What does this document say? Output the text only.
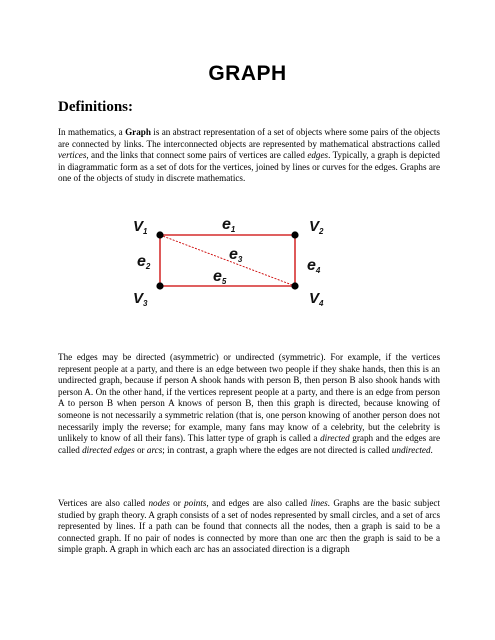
GRAPH
Definitions:

In mathematics, a Graph is an abstract representation of a set of objects where some pairs of the objects are connected by links. The interconnected objects are represented by mathematical abstractions called vertices, and the links that connect some pairs of vertices are called edges. Typically, a graph is depicted in diagrammatic form as a set of dots for the vertices, joined by lines or curves for the edges. Graphs are one of the objects of study in discrete mathematics.

$V_1$	$V_2$
$V_3$	$V_4$
e1
e2
e3	e4
e5

The edges may be directed (asymmetric) or undirected (symmetric). For example, if the vertices represent people at a party, and there is an edge between two people if they shake hands, then this is an undirected graph, because if person A shook hands with person B, then person B also shook hands with person A. On the other hand, if the vertices represent people at a party, and there is an edge from person A to person B when person A knows of person B, then this graph is directed, because knowing of someone is not necessarily a symmetric relation (that is, one person knowing of another person does not necessarily imply the reverse; for example, many fans may know of a celebrity, but the celebrity is unlikely to know of all their fans). This latter type of graph is called a directed graph and the edges are called directed edges or arcs; in contrast, a graph where the edges are not directed is called undirected.

Vertices are also called nodes or points, and edges are also called lines. Graphs are the basic subject studied by graph theory. A graph consists of a set of nodes represented by small circles, and a set of arcs represented by lines. If a path can be found that connects all the nodes, then a graph is said to be a connected graph. If no pair of nodes is connected by more than one arc then the graph is said to be a simple graph. A graph in which each arc has an associated direction is a digraph
